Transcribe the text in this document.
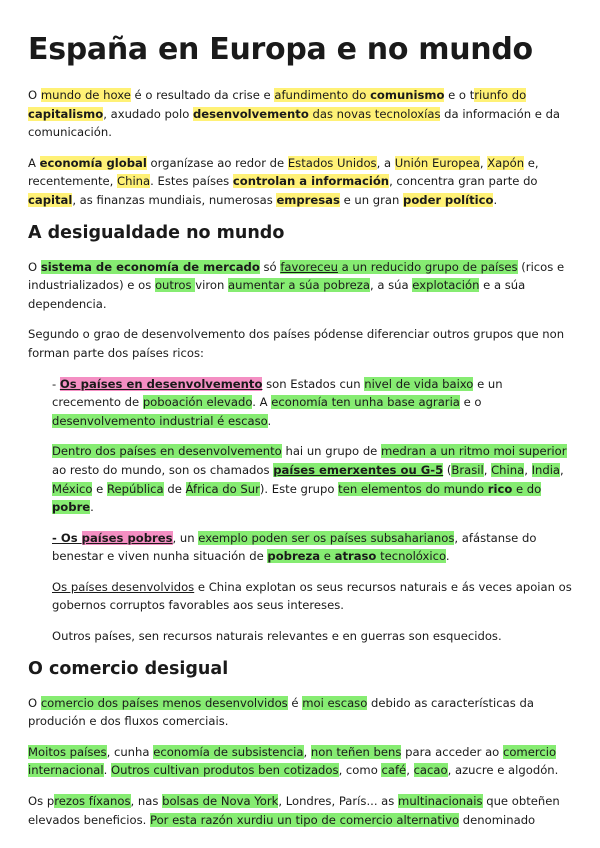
España en Europa e no mundo

O mundo de hoxe é o resultado da crise e afundimento do comunismo e o triunfo do capitalismo, axudado polo desenvolvemento das novas tecnoloxías da información e da comunicación.

A economía global organízase ao redor de Estados Unidos, a Unión Europea, Xapón e, recentemente, China. Estes países controlan a información, concentra gran parte do capital, as finanzas mundiais, numerosas empresas e un gran poder político.

A desigualdade no mundo

O sistema de economía de mercado só favoreceu a un reducido grupo de países (ricos e industrializados) e os outros viron aumentar a súa pobreza, a súa explotación e a súa dependencia.

Segundo o grao de desenvolvemento dos países pódense diferenciar outros grupos que non forman parte dos países ricos:

- Os países en desenvolvemento son Estados cun nivel de vida baixo e un crecemento de poboación elevado. A economía ten unha base agraria e o desenvolvemento industrial é escaso.

Dentro dos países en desenvolvemento hai un grupo de medran a un ritmo moi superior ao resto do mundo, son os chamados países emerxentes ou G-5 (Brasil, China, India, México e República de África do Sur). Este grupo ten elementos do mundo rico e do pobre.

- Os países pobres, un exemplo poden ser os países subsaharianos, afástanse do benestar e viven nunha situación de pobreza e atraso tecnolóxico.

Os países desenvolvidos e China explotan os seus recursos naturais e ás veces apoian os gobernos corruptos favorables aos seus intereses.

Outros países, sen recursos naturais relevantes e en guerras son esquecidos.

O comercio desigual

O comercio dos países menos desenvolvidos é moi escaso debido as características da produción e dos fluxos comerciais.

Moitos países, cunha economía de subsistencia, non teñen bens para acceder ao comercio internacional. Outros cultivan produtos ben cotizados, como café, cacao, azucre e algodón.

Os prezos fíxanos, nas bolsas de Nova York, Londres, París... as multinacionais que obteñen elevados beneficios. Por esta razón xurdiu un tipo de comercio alternativo denominado
